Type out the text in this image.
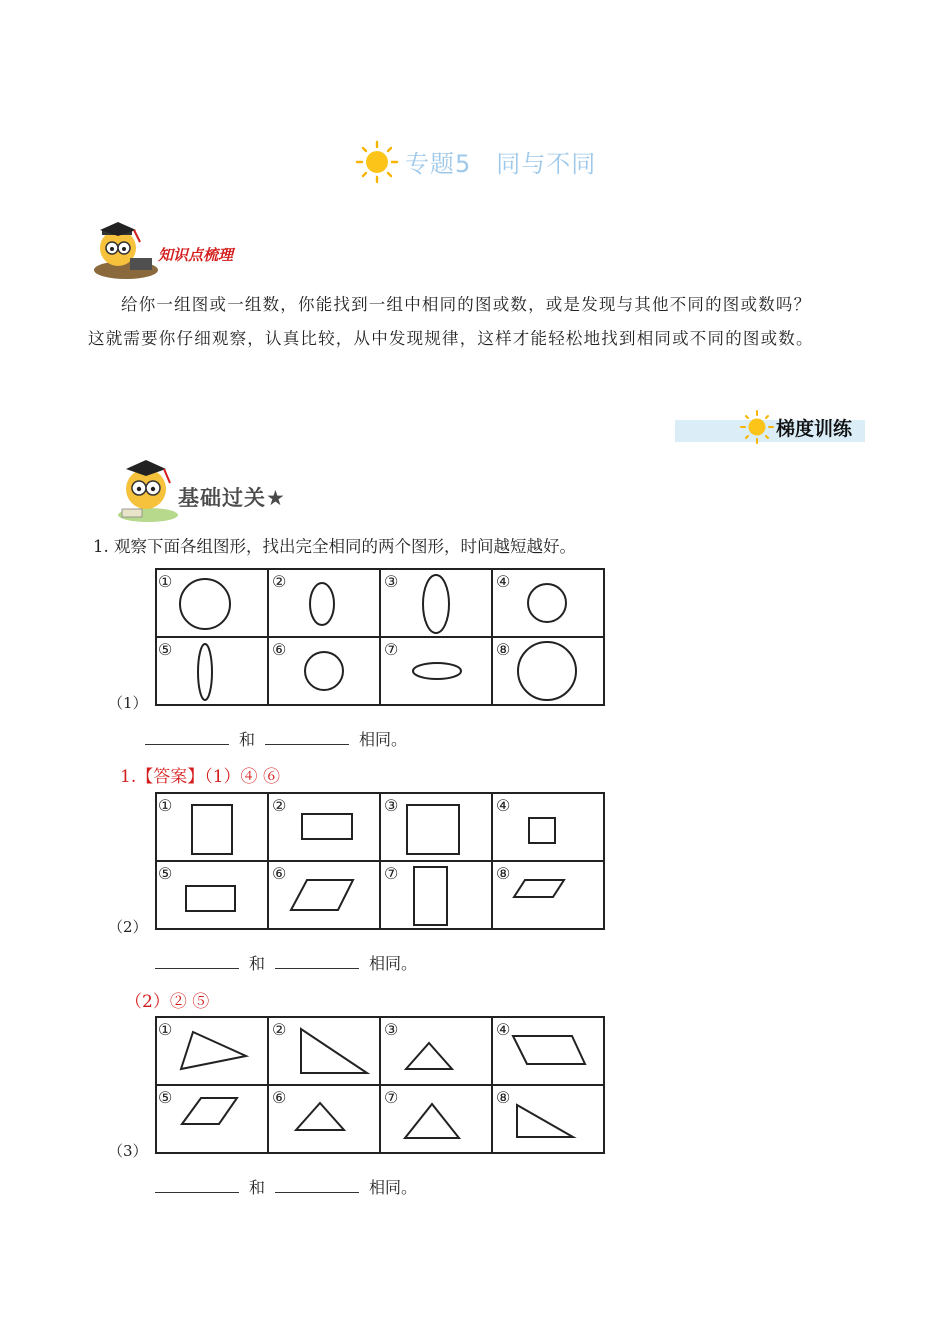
专题5　同与不同
知识点梳理
给你一组图或一组数，你能找到一组中相同的图或数，或是发现与其他不同的图或数吗？
这就需要你仔细观察，认真比较，从中发现规律，这样才能轻松地找到相同或不同的图或数。
梯度训练
基础过关★
1. 观察下面各组图形，找出完全相同的两个图形，时间越短越好。
①	②	③	④
⑤	⑥	⑦	⑧
①	②	③	④
⑤	⑥	⑦	⑧
①	②	③	④
⑤	⑥	⑦	⑧
（1）
（2）
（3）
和	相同。
和	相同。
和	相同。
1.【答案】（1）④ ⑥
（2）② ⑤
